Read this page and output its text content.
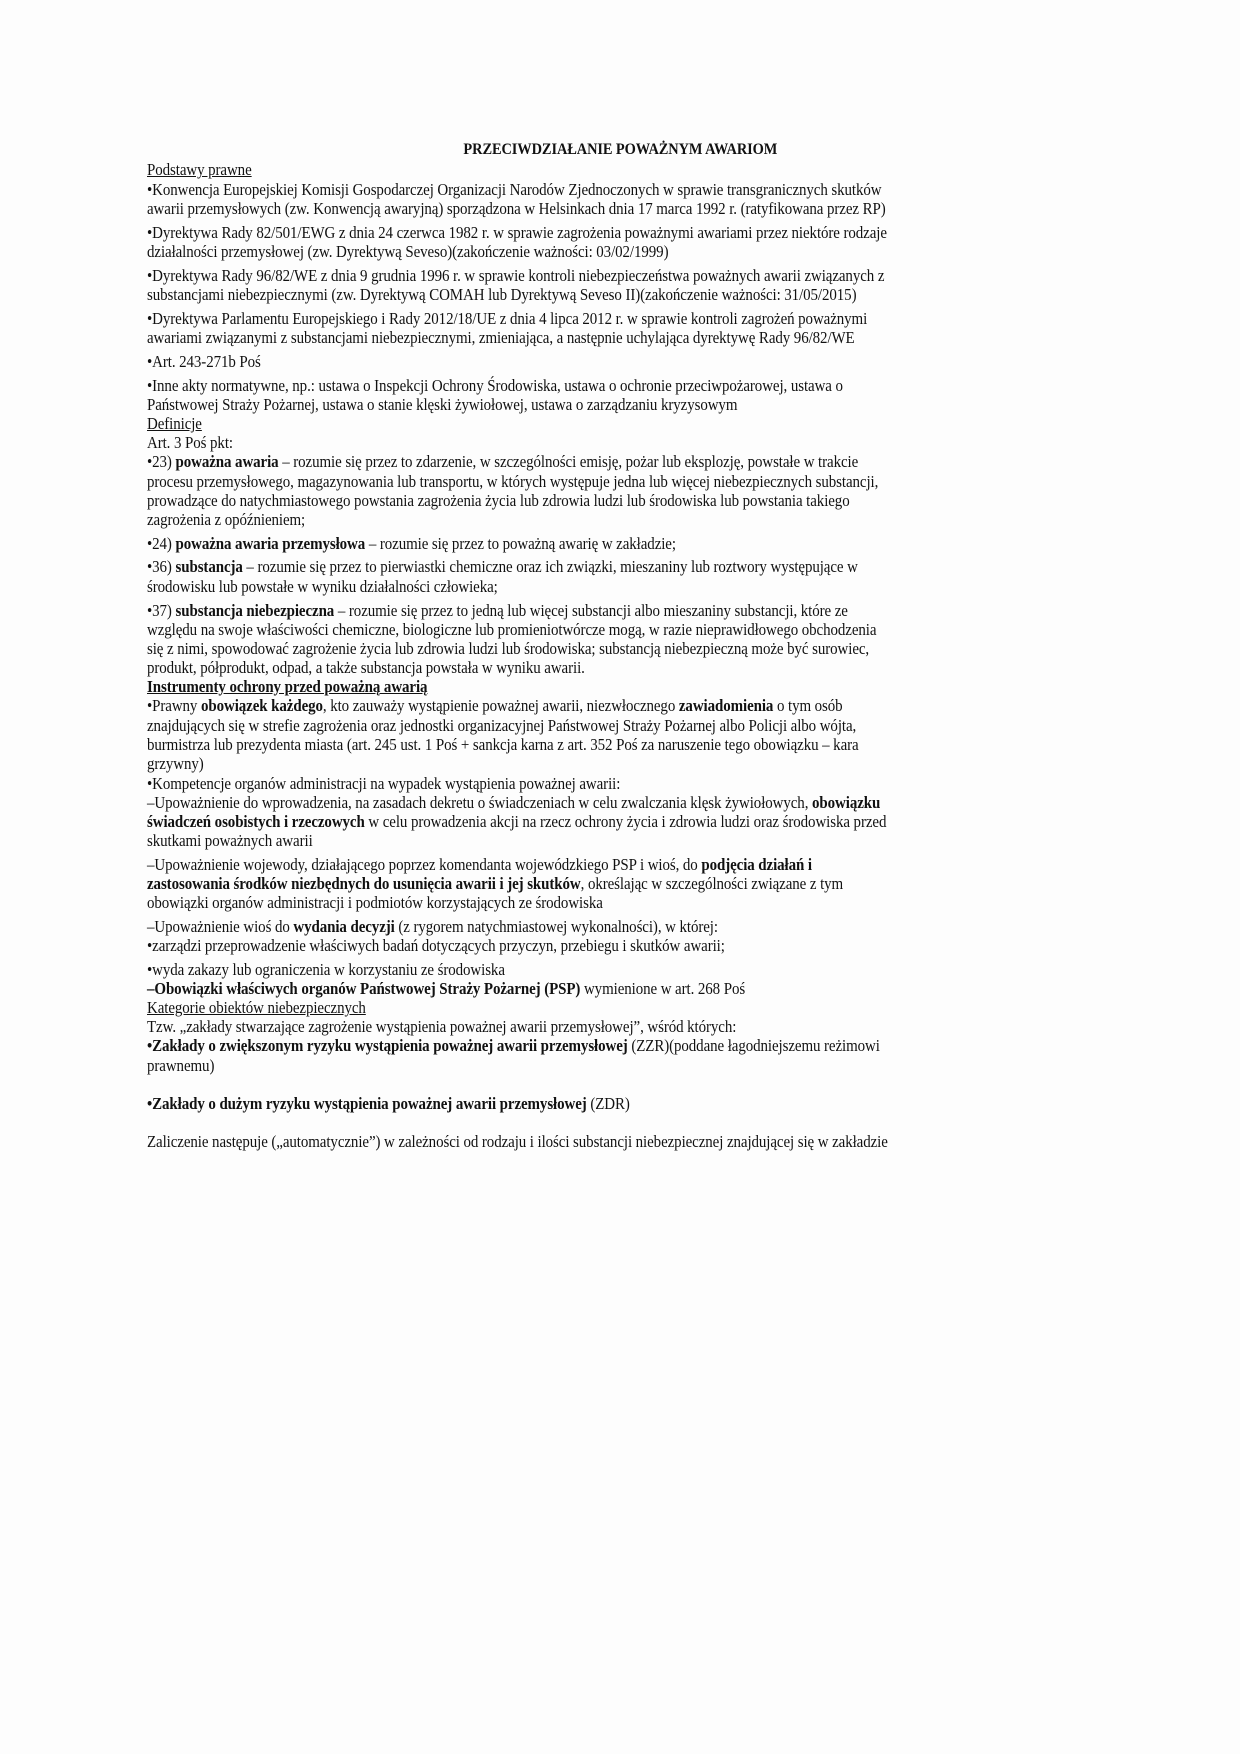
PRZECIWDZIAŁANIE POWAŻNYM AWARIOM
Podstawy prawne
•Konwencja Europejskiej Komisji Gospodarczej Organizacji Narodów Zjednoczonych w sprawie transgranicznych skutków
awarii przemysłowych (zw. Konwencją awaryjną) sporządzona w Helsinkach dnia 17 marca 1992 r. (ratyfikowana przez RP)
•Dyrektywa Rady 82/501/EWG z dnia 24 czerwca 1982 r. w sprawie zagrożenia poważnymi awariami przez niektóre rodzaje
działalności przemysłowej (zw. Dyrektywą Seveso)(zakończenie ważności: 03/02/1999)
•Dyrektywa Rady 96/82/WE z dnia 9 grudnia 1996 r. w sprawie kontroli niebezpieczeństwa poważnych awarii związanych z
substancjami niebezpiecznymi (zw. Dyrektywą COMAH lub Dyrektywą Seveso II)(zakończenie ważności: 31/05/2015)
•Dyrektywa Parlamentu Europejskiego i Rady 2012/18/UE z dnia 4 lipca 2012 r. w sprawie kontroli zagrożeń poważnymi
awariami związanymi z substancjami niebezpiecznymi, zmieniająca, a następnie uchylająca dyrektywę Rady 96/82/WE
•Art. 243-271b Poś
•Inne akty normatywne, np.: ustawa o Inspekcji Ochrony Środowiska, ustawa o ochronie przeciwpożarowej, ustawa o
Państwowej Straży Pożarnej, ustawa o stanie klęski żywiołowej, ustawa o zarządzaniu kryzysowym
Definicje
Art. 3 Poś pkt:
•23) poważna awaria – rozumie się przez to zdarzenie, w szczególności emisję, pożar lub eksplozję, powstałe w trakcie
procesu przemysłowego, magazynowania lub transportu, w których występuje jedna lub więcej niebezpiecznych substancji,
prowadzące do natychmiastowego powstania zagrożenia życia lub zdrowia ludzi lub środowiska lub powstania takiego
zagrożenia z opóźnieniem;
•24) poważna awaria przemysłowa – rozumie się przez to poważną awarię w zakładzie;
•36) substancja – rozumie się przez to pierwiastki chemiczne oraz ich związki, mieszaniny lub roztwory występujące w
środowisku lub powstałe w wyniku działalności człowieka;
•37) substancja niebezpieczna – rozumie się przez to jedną lub więcej substancji albo mieszaniny substancji, które ze
względu na swoje właściwości chemiczne, biologiczne lub promieniotwórcze mogą, w razie nieprawidłowego obchodzenia
się z nimi, spowodować zagrożenie życia lub zdrowia ludzi lub środowiska; substancją niebezpieczną może być surowiec,
produkt, półprodukt, odpad, a także substancja powstała w wyniku awarii.
Instrumenty ochrony przed poważną awarią
•Prawny obowiązek każdego, kto zauważy wystąpienie poważnej awarii, niezwłocznego zawiadomienia o tym osób
znajdujących się w strefie zagrożenia oraz jednostki organizacyjnej Państwowej Straży Pożarnej albo Policji albo wójta,
burmistrza lub prezydenta miasta (art. 245 ust. 1 Poś + sankcja karna z art. 352 Poś za naruszenie tego obowiązku – kara
grzywny)
•Kompetencje organów administracji na wypadek wystąpienia poważnej awarii:
–Upoważnienie do wprowadzenia, na zasadach dekretu o świadczeniach w celu zwalczania klęsk żywiołowych, obowiązku
świadczeń osobistych i rzeczowych w celu prowadzenia akcji na rzecz ochrony życia i zdrowia ludzi oraz środowiska przed
skutkami poważnych awarii
–Upoważnienie wojewody, działającego poprzez komendanta wojewódzkiego PSP i wioś, do podjęcia działań i
zastosowania środków niezbędnych do usunięcia awarii i jej skutków, określając w szczególności związane z tym
obowiązki organów administracji i podmiotów korzystających ze środowiska
–Upoważnienie wioś do wydania decyzji (z rygorem natychmiastowej wykonalności), w której:
•zarządzi przeprowadzenie właściwych badań dotyczących przyczyn, przebiegu i skutków awarii;
•wyda zakazy lub ograniczenia w korzystaniu ze środowiska
–Obowiązki właściwych organów Państwowej Straży Pożarnej (PSP) wymienione w art. 268 Poś
Kategorie obiektów niebezpiecznych
Tzw. „zakłady stwarzające zagrożenie wystąpienia poważnej awarii przemysłowej”, wśród których:
•Zakłady o zwiększonym ryzyku wystąpienia poważnej awarii przemysłowej (ZZR)(poddane łagodniejszemu reżimowi
prawnemu)
•Zakłady o dużym ryzyku wystąpienia poważnej awarii przemysłowej (ZDR)
Zaliczenie następuje („automatycznie”) w zależności od rodzaju i ilości substancji niebezpiecznej znajdującej się w zakładzie
